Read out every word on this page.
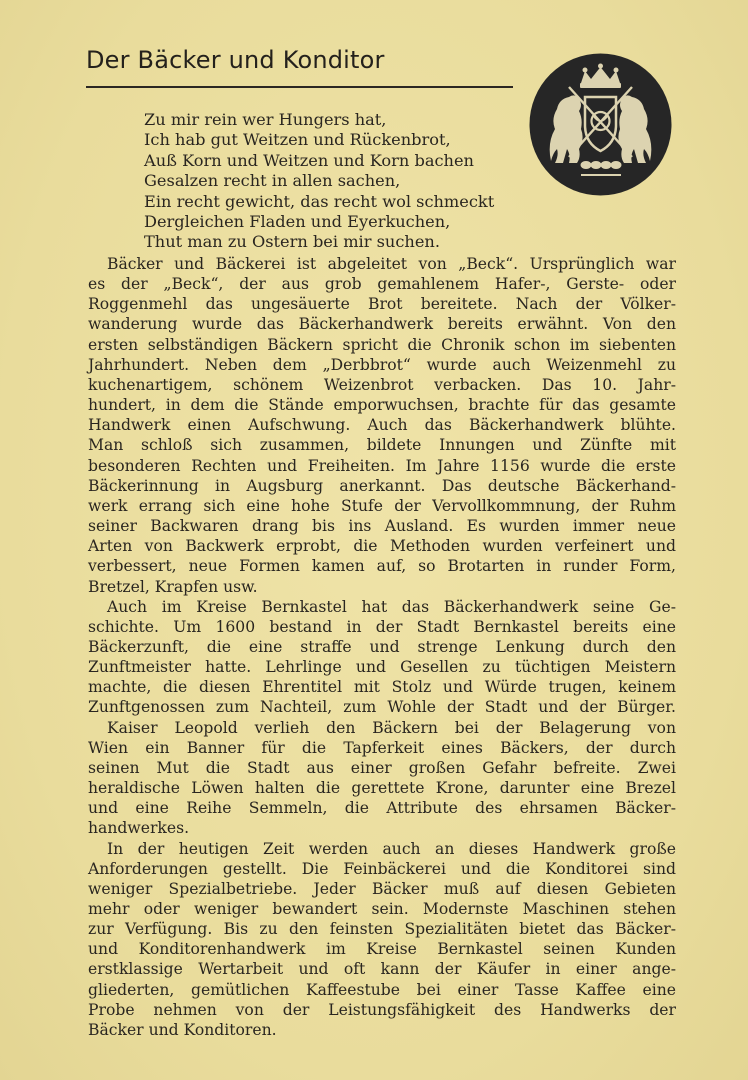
Der Bäcker und Konditor
Zu mir rein wer Hungers hat,
Ich hab gut Weitzen und Rückenbrot,
Auß Korn und Weitzen und Korn bachen
Gesalzen recht in allen sachen,
Ein recht gewicht, das recht wol schmeckt
Dergleichen Fladen und Eyerkuchen,
Thut man zu Ostern bei mir suchen.

Bäcker und Bäckerei ist abgeleitet von „Beck“. Ursprünglich war
es der „Beck“, der aus grob gemahlenem Hafer-, Gerste- oder
Roggenmehl das ungesäuerte Brot bereitete. Nach der Völker-
wanderung wurde das Bäckerhandwerk bereits erwähnt. Von den
ersten selbständigen Bäckern spricht die Chronik schon im siebenten
Jahrhundert. Neben dem „Derbbrot“ wurde auch Weizenmehl zu
kuchenartigem, schönem Weizenbrot verbacken. Das 10. Jahr-
hundert, in dem die Stände emporwuchsen, brachte für das gesamte
Handwerk einen Aufschwung. Auch das Bäckerhandwerk blühte.
Man schloß sich zusammen, bildete Innungen und Zünfte mit
besonderen Rechten und Freiheiten. Im Jahre 1156 wurde die erste
Bäckerinnung in Augsburg anerkannt. Das deutsche Bäckerhand-
werk errang sich eine hohe Stufe der Vervollkommnung, der Ruhm
seiner Backwaren drang bis ins Ausland. Es wurden immer neue
Arten von Backwerk erprobt, die Methoden wurden verfeinert und
verbessert, neue Formen kamen auf, so Brotarten in runder Form,
Bretzel, Krapfen usw.

Auch im Kreise Bernkastel hat das Bäckerhandwerk seine Ge-
schichte. Um 1600 bestand in der Stadt Bernkastel bereits eine
Bäckerzunft, die eine straffe und strenge Lenkung durch den
Zunftmeister hatte. Lehrlinge und Gesellen zu tüchtigen Meistern
machte, die diesen Ehrentitel mit Stolz und Würde trugen, keinem
Zunftgenossen zum Nachteil, zum Wohle der Stadt und der Bürger.

Kaiser Leopold verlieh den Bäckern bei der Belagerung von
Wien ein Banner für die Tapferkeit eines Bäckers, der durch
seinen Mut die Stadt aus einer großen Gefahr befreite. Zwei
heraldische Löwen halten die gerettete Krone, darunter eine Brezel
und eine Reihe Semmeln, die Attribute des ehrsamen Bäcker-
handwerkes.

In der heutigen Zeit werden auch an dieses Handwerk große
Anforderungen gestellt. Die Feinbäckerei und die Konditorei sind
weniger Spezialbetriebe. Jeder Bäcker muß auf diesen Gebieten
mehr oder weniger bewandert sein. Modernste Maschinen stehen
zur Verfügung. Bis zu den feinsten Spezialitäten bietet das Bäcker-
und Konditorenhandwerk im Kreise Bernkastel seinen Kunden
erstklassige Wertarbeit und oft kann der Käufer in einer ange-
gliederten, gemütlichen Kaffeestube bei einer Tasse Kaffee eine
Probe nehmen von der Leistungsfähigkeit des Handwerks der
Bäcker und Konditoren.
